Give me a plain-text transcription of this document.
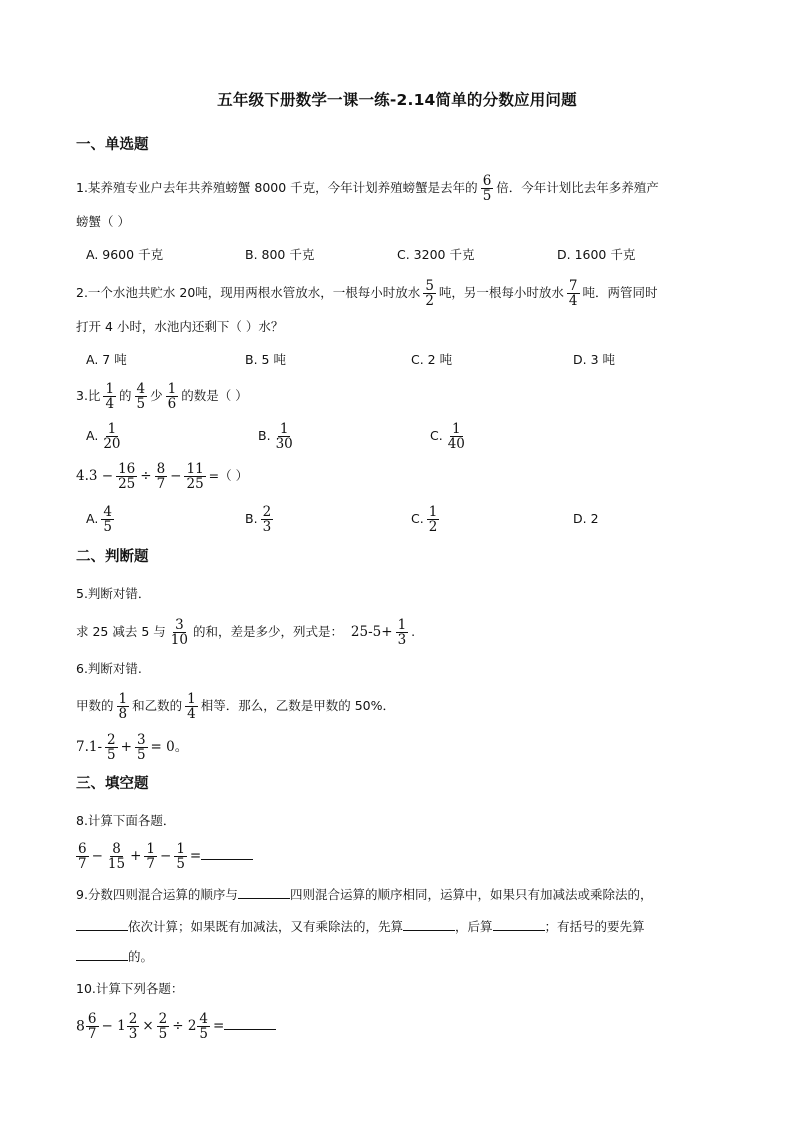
五年级下册数学一课一练-2.14简单的分数应用问题
一、单选题
1.某养殖专业户去年共养殖螃蟹 8000 千克，今年计划养殖螃蟹是去年的 $\frac{6}{5}$ 倍．今年计划比去年多养殖产
螃蟹（ ）
A. 9600 千克	B. 800 千克	C. 3200 千克	D. 1600 千克
2.一个水池共贮水 20吨，现用两根水管放水，一根每小时放水 $\frac{5}{2}$ 吨，另一根每小时放水 $\frac{7}{4}$ 吨．两管同时
打开 4 小时，水池内还剩下（ ）水？
A. 7 吨	B. 5 吨	C. 2 吨	D. 3 吨
3.比 $\frac{1}{4}$ 的 $\frac{4}{5}$ 少 $\frac{1}{6}$ 的数是（ ）
A. $\frac{1}{20}$	B. $\frac{1}{30}$	C. $\frac{1}{40}$
$4.3 - \frac{16}{25} \div \frac{8}{7} - \frac{11}{25}$ =（ ）
A. $\frac{4}{5}$	B. $\frac{2}{3}$	C. $\frac{1}{2}$	D. 2
二、判断题
5.判断对错．
求 25 减去 5 与 $\frac{3}{10}$ 的和，差是多少，列式是： $25-5+ \frac{1}{3}$ .
6.判断对错.
甲数的 $\frac{1}{8}$ 和乙数的 $\frac{1}{4}$ 相等．那么，乙数是甲数的 50%．
$7.1- \frac{2}{5} + \frac{3}{5} = 0$。
三、填空题
8.计算下面各题．
$\frac{6}{7} - \frac{8}{15} + \frac{1}{7} - \frac{1}{5}$ =
9.分数四则混合运算的顺序与	四则混合运算的顺序相同，运算中，如果只有加减法或乘除法的，
依次计算；如果既有加减法，又有乘除法的，先算	，后算	；有括号的要先算
的。
10.计算下列各题：
$8 \frac{6}{7} - 1 \frac{2}{3} \times \frac{2}{5} \div 2 \frac{4}{5}$ =
